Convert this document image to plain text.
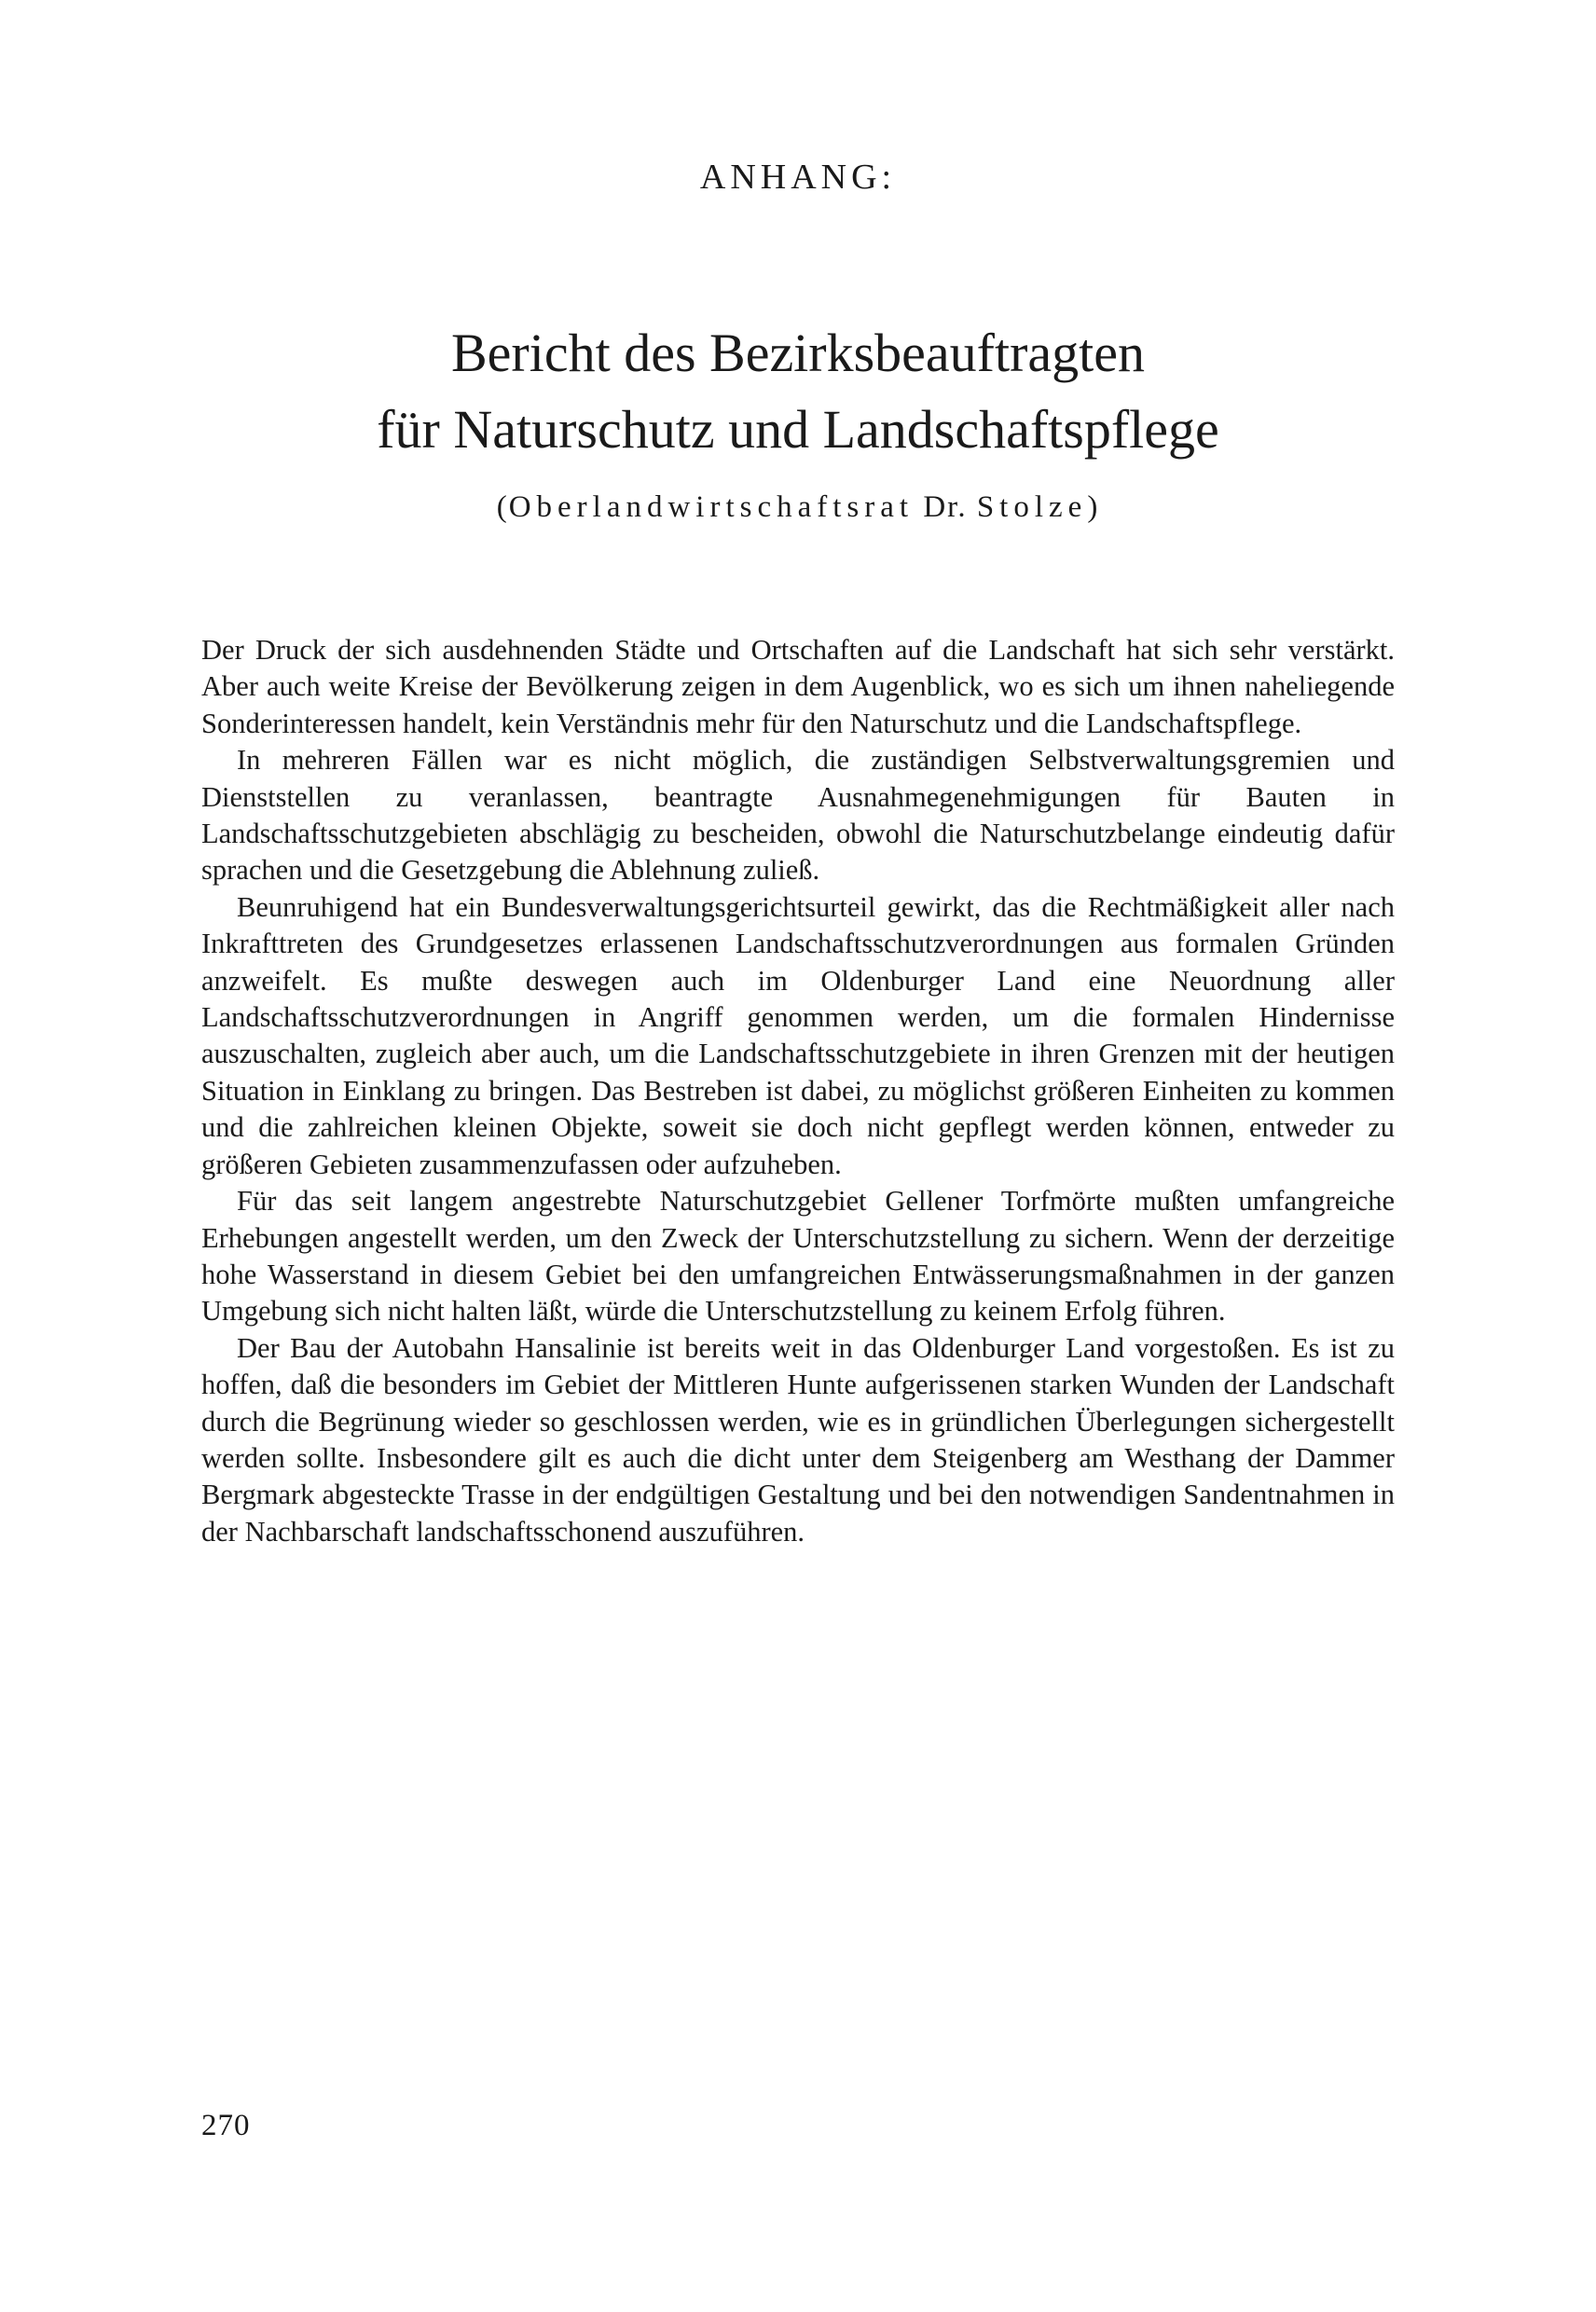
ANHANG:
Bericht des Bezirksbeauftragten
für Naturschutz und Landschaftspflege
(Oberlandwirtschaftsrat Dr. Stolze)

Der Druck der sich ausdehnenden Städte und Ortschaften auf die Landschaft hat sich sehr verstärkt. Aber auch weite Kreise der Bevölkerung zeigen in dem Augenblick, wo es sich um ihnen naheliegende Sonderinteressen handelt, kein Verständnis mehr für den Naturschutz und die Landschaftspflege.

In mehreren Fällen war es nicht möglich, die zuständigen Selbstverwaltungsgremien und Dienststellen zu veranlassen, beantragte Ausnahmegenehmigungen für Bauten in Landschaftsschutzgebieten abschlägig zu bescheiden, obwohl die Naturschutzbelange eindeutig dafür sprachen und die Gesetzgebung die Ablehnung zuließ.

Beunruhigend hat ein Bundesverwaltungsgerichtsurteil gewirkt, das die Rechtmäßigkeit aller nach Inkrafttreten des Grundgesetzes erlassenen Landschaftsschutzverordnungen aus formalen Gründen anzweifelt. Es mußte deswegen auch im Oldenburger Land eine Neuordnung aller Landschaftsschutzverordnungen in Angriff genommen werden, um die formalen Hindernisse auszuschalten, zugleich aber auch, um die Landschaftsschutzgebiete in ihren Grenzen mit der heutigen Situation in Einklang zu bringen. Das Bestreben ist dabei, zu möglichst größeren Einheiten zu kommen und die zahlreichen kleinen Objekte, soweit sie doch nicht gepflegt werden können, entweder zu größeren Gebieten zusammenzufassen oder aufzuheben.

Für das seit langem angestrebte Naturschutzgebiet Gellener Torfmörte mußten umfangreiche Erhebungen angestellt werden, um den Zweck der Unterschutzstellung zu sichern. Wenn der derzeitige hohe Wasserstand in diesem Gebiet bei den umfangreichen Entwässerungsmaßnahmen in der ganzen Umgebung sich nicht halten läßt, würde die Unterschutzstellung zu keinem Erfolg führen.

Der Bau der Autobahn Hansalinie ist bereits weit in das Oldenburger Land vorgestoßen. Es ist zu hoffen, daß die besonders im Gebiet der Mittleren Hunte aufgerissenen starken Wunden der Landschaft durch die Begrünung wieder so geschlossen werden, wie es in gründlichen Überlegungen sichergestellt werden sollte. Insbesondere gilt es auch die dicht unter dem Steigenberg am Westhang der Dammer Bergmark abgesteckte Trasse in der endgültigen Gestaltung und bei den notwendigen Sandentnahmen in der Nachbarschaft landschaftsschonend auszuführen.

270
